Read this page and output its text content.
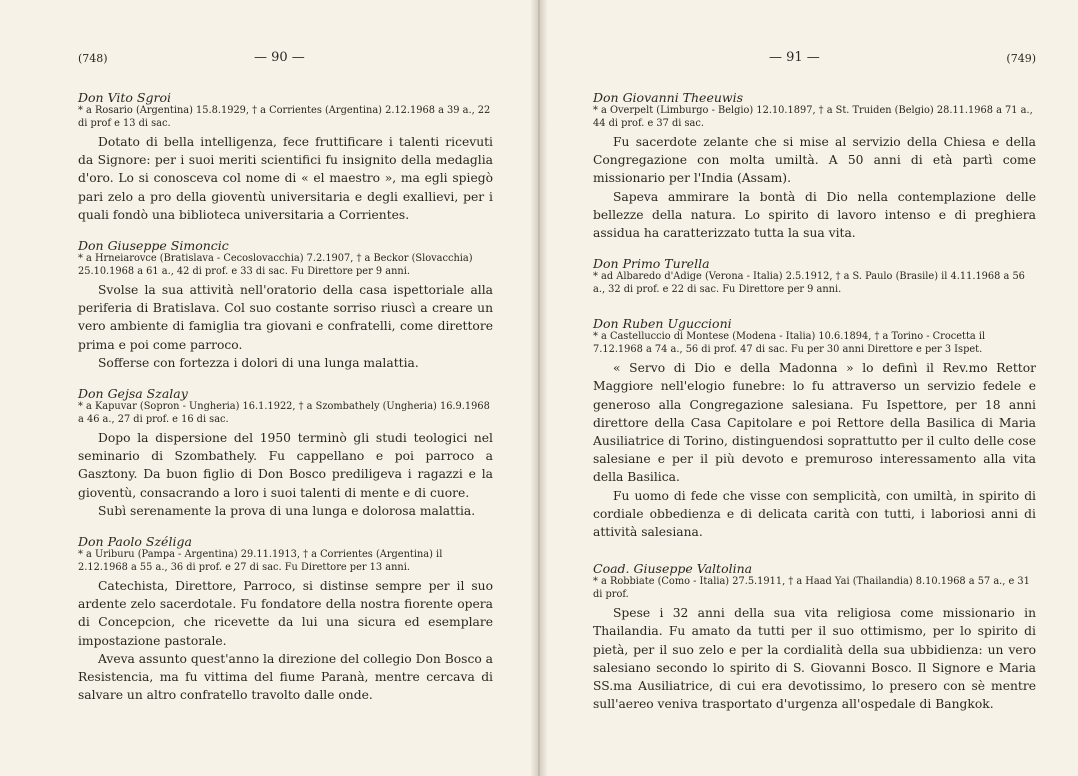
(748)	— 90 —
Don Vito Sgroi
* a Rosario (Argentina) 15.8.1929, † a Corrientes (Argentina) 2.12.1968 a 39 a., 22 di prof e 13 di sac.

Dotato di bella intelligenza, fece fruttificare i talenti ricevuti da Signore: per i suoi meriti scientifici fu insignito della medaglia d'oro. Lo si conosceva col nome di « el maestro », ma egli spiegò pari zelo a pro della gioventù universitaria e degli exallievi, per i quali fondò una biblioteca universitaria a Corrientes.

Don Giuseppe Simoncic
* a Hrneiarovce (Bratislava - Cecoslovacchia) 7.2.1907, † a Beckor (Slovacchia) 25.10.1968 a 61 a., 42 di prof. e 33 di sac. Fu Direttore per 9 anni.

Svolse la sua attività nell'oratorio della casa ispettoriale alla periferia di Bratislava. Col suo costante sorriso riuscì a creare un vero ambiente di famiglia tra giovani e confratelli, come direttore prima e poi come parroco.

Sofferse con fortezza i dolori di una lunga malattia.

Don Gejsa Szalay
* a Kapuvar (Sopron - Ungheria) 16.1.1922, † a Szombathely (Ungheria) 16.9.1968 a 46 a., 27 di prof. e 16 di sac.

Dopo la dispersione del 1950 terminò gli studi teologici nel seminario di Szombathely. Fu cappellano e poi parroco a Gasztony. Da buon figlio di Don Bosco prediligeva i ragazzi e la gioventù, consacrando a loro i suoi talenti di mente e di cuore.

Subì serenamente la prova di una lunga e dolorosa malattia.

Don Paolo Széliga
* a Uriburu (Pampa - Argentina) 29.11.1913, † a Corrientes (Argentina) il 2.12.1968 a 55 a., 36 di prof. e 27 di sac. Fu Direttore per 13 anni.

Catechista, Direttore, Parroco, si distinse sempre per il suo ardente zelo sacerdotale. Fu fondatore della nostra fiorente opera di Concepcion, che ricevette da lui una sicura ed esemplare impostazione pastorale.

Aveva assunto quest'anno la direzione del collegio Don Bosco a Resistencia, ma fu vittima del fiume Paranà, mentre cercava di salvare un altro confratello travolto dalle onde.

— 91 —	(749)
Don Giovanni Theeuwis
* a Overpelt (Limburgo - Belgio) 12.10.1897, † a St. Truiden (Belgio) 28.11.1968 a 71 a., 44 di prof. e 37 di sac.

Fu sacerdote zelante che si mise al servizio della Chiesa e della Congregazione con molta umiltà. A 50 anni di età partì come missionario per l'India (Assam).

Sapeva ammirare la bontà di Dio nella contemplazione delle bellezze della natura. Lo spirito di lavoro intenso e di preghiera assidua ha caratterizzato tutta la sua vita.

Don Primo Turella
* ad Albaredo d'Adige (Verona - Italia) 2.5.1912, † a S. Paulo (Brasile) il 4.11.1968 a 56 a., 32 di prof. e 22 di sac. Fu Direttore per 9 anni.
Don Ruben Uguccioni
* a Castelluccio di Montese (Modena - Italia) 10.6.1894, † a Torino - Crocetta il 7.12.1968 a 74 a., 56 di prof. 47 di sac. Fu per 30 anni Direttore e per 3 Ispet.

« Servo di Dio e della Madonna » lo definì il Rev.mo Rettor Maggiore nell'elogio funebre: lo fu attraverso un servizio fedele e generoso alla Congregazione salesiana. Fu Ispettore, per 18 anni direttore della Casa Capitolare e poi Rettore della Basilica di Maria Ausiliatrice di Torino, distinguendosi soprattutto per il culto delle cose salesiane e per il più devoto e premuroso interessamento alla vita della Basilica.

Fu uomo di fede che visse con semplicità, con umiltà, in spirito di cordiale obbedienza e di delicata carità con tutti, i laboriosi anni di attività salesiana.

Coad. Giuseppe Valtolina
* a Robbiate (Como - Italia) 27.5.1911, † a Haad Yai (Thailandia) 8.10.1968 a 57 a., e 31 di prof.

Spese i 32 anni della sua vita religiosa come missionario in Thailandia. Fu amato da tutti per il suo ottimismo, per lo spirito di pietà, per il suo zelo e per la cordialità della sua ubbidienza: un vero salesiano secondo lo spirito di S. Giovanni Bosco. Il Signore e Maria SS.ma Ausiliatrice, di cui era devotissimo, lo presero con sè mentre sull'aereo veniva trasportato d'urgenza all'ospedale di Bangkok.
